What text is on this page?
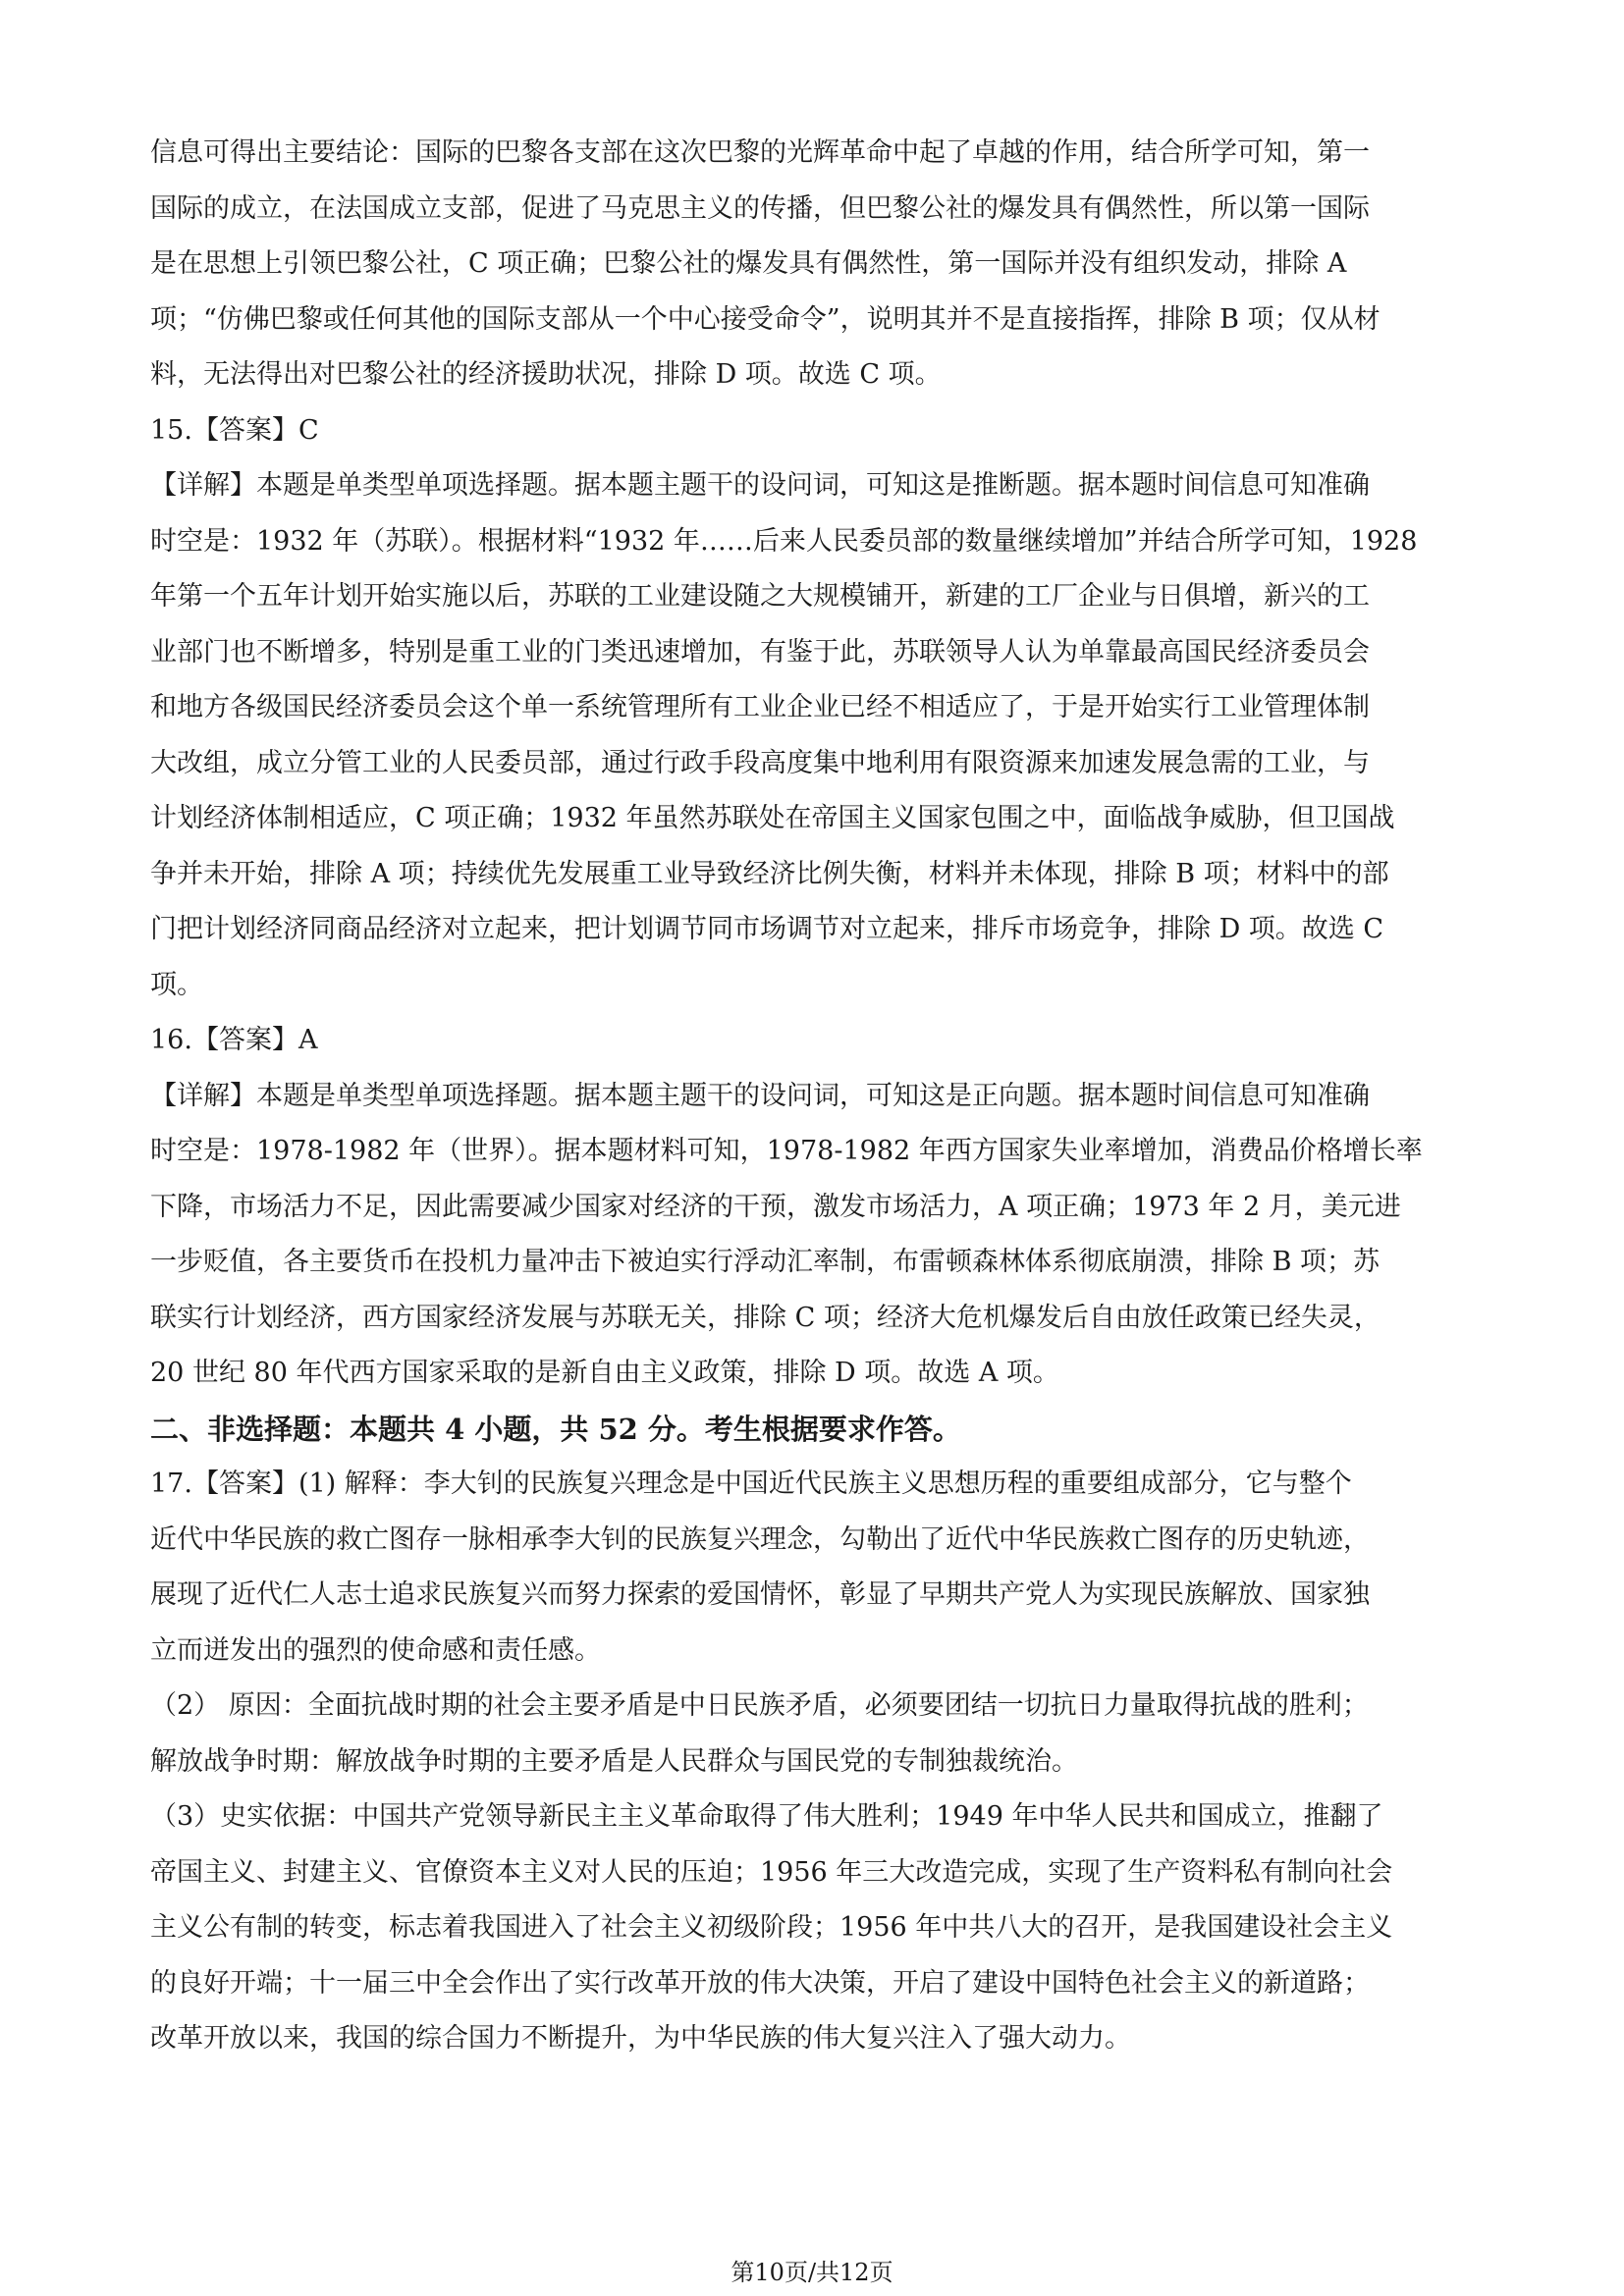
信息可得出主要结论：国际的巴黎各支部在这次巴黎的光辉革命中起了卓越的作用，结合所学可知，第一
国际的成立，在法国成立支部，促进了马克思主义的传播，但巴黎公社的爆发具有偶然性，所以第一国际
是在思想上引领巴黎公社，C 项正确；巴黎公社的爆发具有偶然性，第一国际并没有组织发动，排除 A
项；“仿佛巴黎或任何其他的国际支部从一个中心接受命令”，说明其并不是直接指挥，排除 B 项；仅从材
料，无法得出对巴黎公社的经济援助状况，排除 D 项。故选 C 项。
15.【答案】C
【详解】本题是单类型单项选择题。据本题主题干的设问词，可知这是推断题。据本题时间信息可知准确
时空是：1932 年（苏联）。根据材料“1932 年……后来人民委员部的数量继续增加”并结合所学可知，1928
年第一个五年计划开始实施以后，苏联的工业建设随之大规模铺开，新建的工厂企业与日俱增，新兴的工
业部门也不断增多，特别是重工业的门类迅速增加，有鉴于此，苏联领导人认为单靠最高国民经济委员会
和地方各级国民经济委员会这个单一系统管理所有工业企业已经不相适应了，于是开始实行工业管理体制
大改组，成立分管工业的人民委员部，通过行政手段高度集中地利用有限资源来加速发展急需的工业，与
计划经济体制相适应，C 项正确；1932 年虽然苏联处在帝国主义国家包围之中，面临战争威胁，但卫国战
争并未开始，排除 A 项；持续优先发展重工业导致经济比例失衡，材料并未体现，排除 B 项；材料中的部
门把计划经济同商品经济对立起来，把计划调节同市场调节对立起来，排斥市场竞争，排除 D 项。故选 C
项。
16.【答案】A
【详解】本题是单类型单项选择题。据本题主题干的设问词，可知这是正向题。据本题时间信息可知准确
时空是：1978-1982 年（世界）。据本题材料可知，1978-1982 年西方国家失业率增加，消费品价格增长率
下降，市场活力不足，因此需要减少国家对经济的干预，激发市场活力，A 项正确；1973 年 2 月，美元进
一步贬值，各主要货币在投机力量冲击下被迫实行浮动汇率制，布雷顿森林体系彻底崩溃，排除 B 项；苏
联实行计划经济，西方国家经济发展与苏联无关，排除 C 项；经济大危机爆发后自由放任政策已经失灵，
20 世纪 80 年代西方国家采取的是新自由主义政策，排除 D 项。故选 A 项。
二、非选择题：本题共 4 小题，共 52 分。考生根据要求作答。
17.【答案】(1) 解释：李大钊的民族复兴理念是中国近代民族主义思想历程的重要组成部分，它与整个
近代中华民族的救亡图存一脉相承李大钊的民族复兴理念，勾勒出了近代中华民族救亡图存的历史轨迹，
展现了近代仁人志士追求民族复兴而努力探索的爱国情怀，彰显了早期共产党人为实现民族解放、国家独
立而迸发出的强烈的使命感和责任感。
（2） 原因：全面抗战时期的社会主要矛盾是中日民族矛盾，必须要团结一切抗日力量取得抗战的胜利；
解放战争时期：解放战争时期的主要矛盾是人民群众与国民党的专制独裁统治。
（3）史实依据：中国共产党领导新民主主义革命取得了伟大胜利；1949 年中华人民共和国成立，推翻了
帝国主义、封建主义、官僚资本主义对人民的压迫；1956 年三大改造完成，实现了生产资料私有制向社会
主义公有制的转变，标志着我国进入了社会主义初级阶段；1956 年中共八大的召开，是我国建设社会主义
的良好开端；十一届三中全会作出了实行改革开放的伟大决策，开启了建设中国特色社会主义的新道路；
改革开放以来，我国的综合国力不断提升，为中华民族的伟大复兴注入了强大动力。
第10页/共12页
